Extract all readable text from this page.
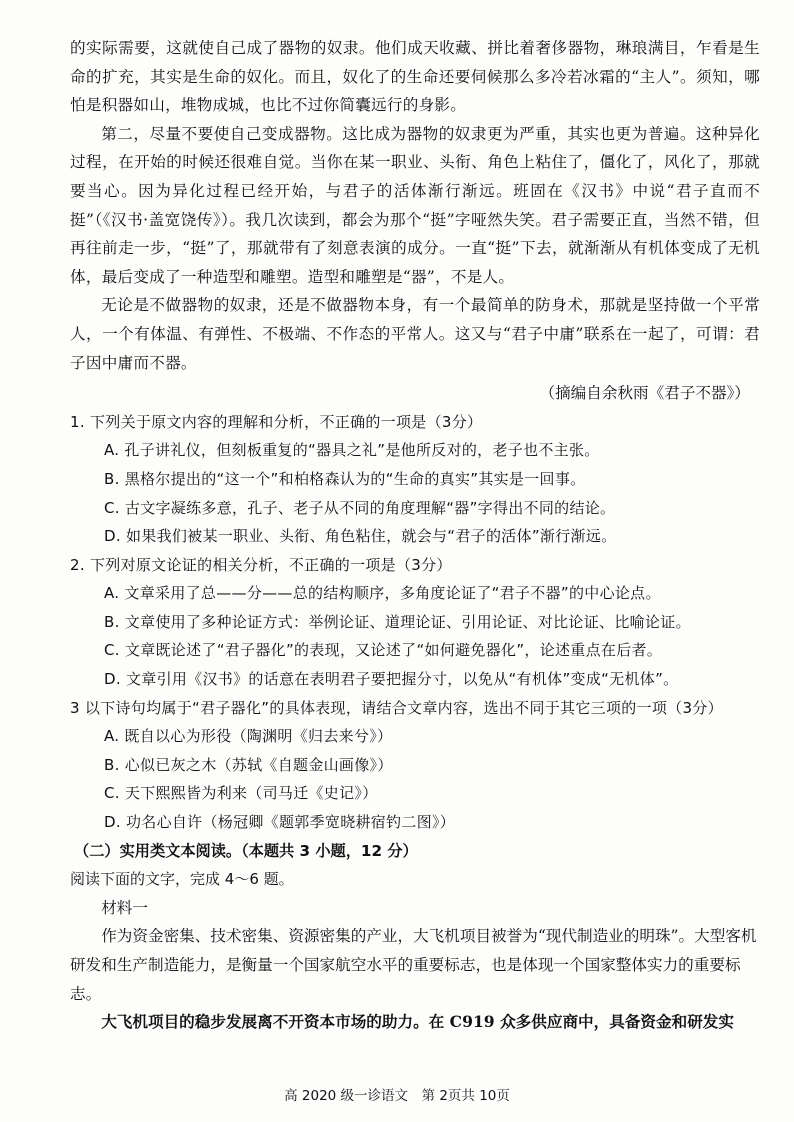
的实际需要，这就使自己成了器物的奴隶。他们成天收藏、拼比着奢侈器物，琳琅满目，乍看是生命的扩充，其实是生命的奴化。而且，奴化了的生命还要伺候那么多冷若冰霜的“主人”。须知，哪怕是积器如山，堆物成城，也比不过你简囊远行的身影。

第二，尽量不要使自己变成器物。这比成为器物的奴隶更为严重，其实也更为普遍。这种异化过程，在开始的时候还很难自觉。当你在某一职业、头衔、角色上粘住了，僵化了，风化了，那就要当心。因为异化过程已经开始，与君子的活体渐行渐远。班固在《汉书》中说“君子直而不挺”（《汉书·盖宽饶传》）。我几次读到，都会为那个“挺”字哑然失笑。君子需要正直，当然不错，但再往前走一步，“挺”了，那就带有了刻意表演的成分。一直“挺”下去，就渐渐从有机体变成了无机体，最后变成了一种造型和雕塑。造型和雕塑是“器”，不是人。

无论是不做器物的奴隶，还是不做器物本身，有一个最简单的防身术，那就是坚持做一个平常人，一个有体温、有弹性、不极端、不作态的平常人。这又与“君子中庸”联系在一起了，可谓：君子因中庸而不器。

（摘编自余秋雨《君子不器》）

1. 下列关于原文内容的理解和分析，不正确的一项是（3分）

A. 孔子讲礼仪，但刻板重复的“器具之礼”是他所反对的，老子也不主张。

B. 黑格尔提出的“这一个”和柏格森认为的“生命的真实”其实是一回事。

C. 古文字凝练多意，孔子、老子从不同的角度理解“器”字得出不同的结论。

D. 如果我们被某一职业、头衔、角色粘住，就会与“君子的活体”渐行渐远。

2. 下列对原文论证的相关分析，不正确的一项是（3分）

A. 文章采用了总——分——总的结构顺序，多角度论证了“君子不器”的中心论点。

B. 文章使用了多种论证方式：举例论证、道理论证、引用论证、对比论证、比喻论证。

C. 文章既论述了“君子器化”的表现，又论述了“如何避免器化”，论述重点在后者。

D. 文章引用《汉书》的话意在表明君子要把握分寸，以免从“有机体”变成“无机体”。

3 以下诗句均属于“君子器化”的具体表现，请结合文章内容，选出不同于其它三项的一项（3分）

A. 既自以心为形役（陶渊明《归去来兮》）

B. 心似已灰之木（苏轼《自题金山画像》）

C. 天下熙熙皆为利来（司马迁《史记》）

D. 功名心自许（杨冠卿《题郭季宽晓耕宿钓二图》）

（二）实用类文本阅读。（本题共 3 小题，12 分）

阅读下面的文字，完成 4～6 题。

材料一

作为资金密集、技术密集、资源密集的产业，大飞机项目被誉为“现代制造业的明珠”。大型客机研发和生产制造能力，是衡量一个国家航空水平的重要标志，也是体现一个国家整体实力的重要标志。

大飞机项目的稳步发展离不开资本市场的助力。在 C919 众多供应商中，具备资金和研发实

高 2020 级一诊语文　第 2页共 10页
